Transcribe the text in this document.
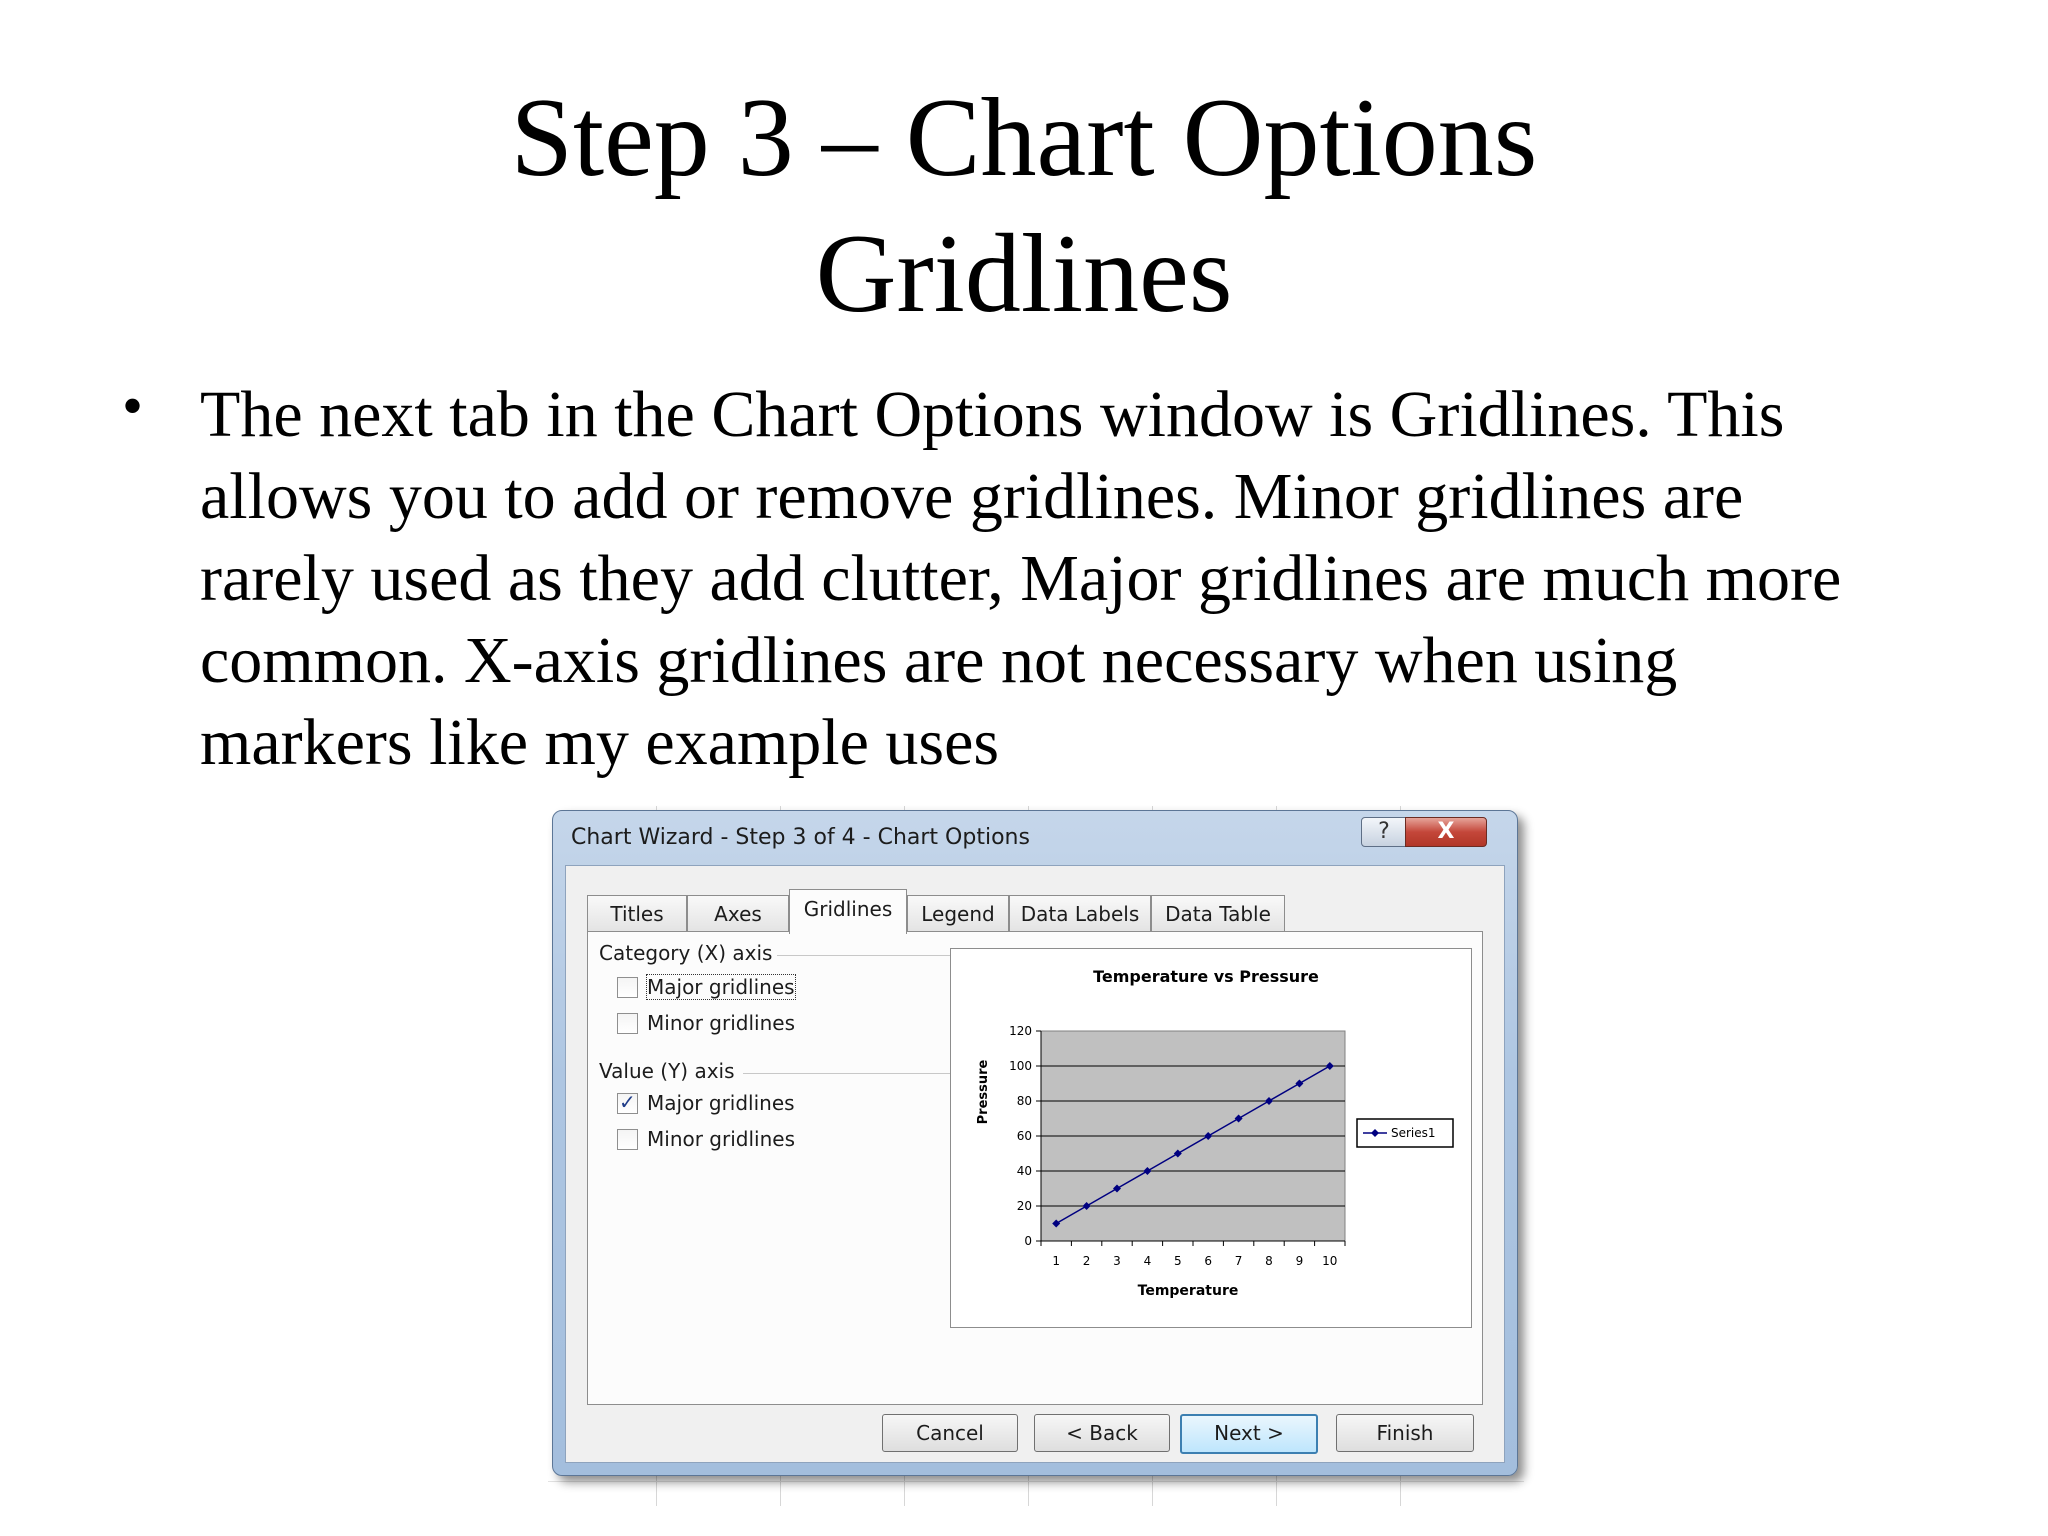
Step 3 – Chart Options
Gridlines
• The next tab in the Chart Options window is Gridlines. This
allows you to add or remove gridlines. Minor gridlines are
rarely used as they add clutter, Major gridlines are much more
common. X-axis gridlines are not necessary when using
markers like my example uses
Chart Wizard - Step 3 of 4 - Chart Options	?	X
Titles	Axes	Gridlines	Legend	Data Labels	Data Table
Category (X) axis
Major gridlines
Minor gridlines
Value (Y) axis
✓ Major gridlines
Minor gridlines
Temperature vs Pressure
Pressure
Temperature
0
20
40
60
80
100
120
1 2 3 4 5 6 7 8 9 10
Series1
Cancel	< Back	Next >	Finish
